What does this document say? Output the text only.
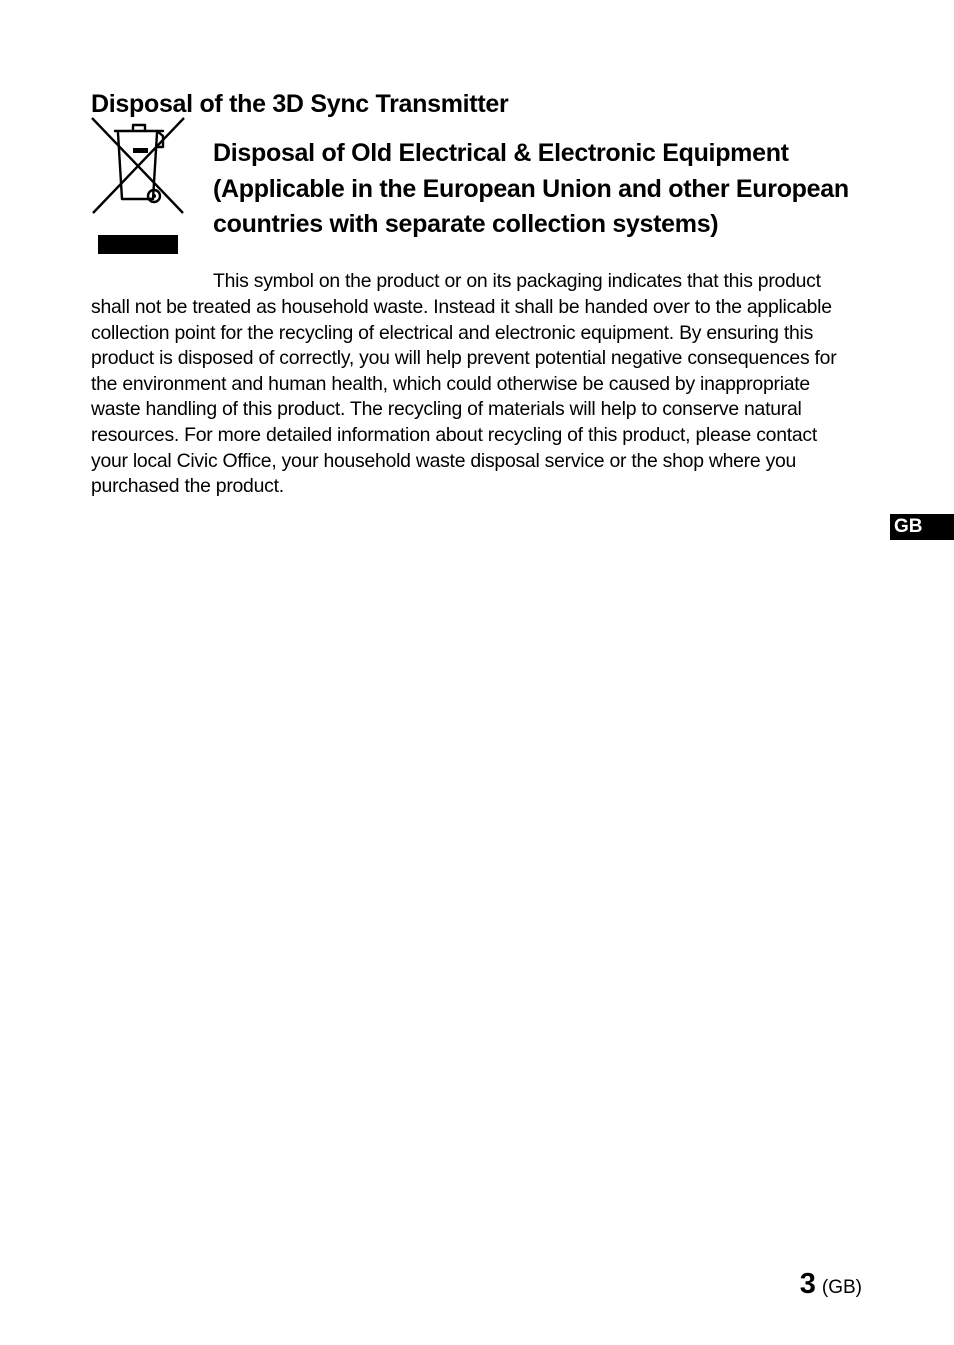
Disposal of the 3D Sync Transmitter
Disposal of Old Electrical & Electronic Equipment (Applicable in the European Union and other European countries with separate collection systems)

This symbol on the product or on its packaging indicates that this product shall not be treated as household waste. Instead it shall be handed over to the applicable collection point for the recycling of electrical and electronic equipment. By ensuring this product is disposed of correctly, you will help prevent potential negative consequences for the environment and human health, which could otherwise be caused by inappropriate waste handling of this product. The recycling of materials will help to conserve natural resources. For more detailed information about recycling of this product, please contact your local Civic Office, your household waste disposal service or the shop where you purchased the product.

GB
3 (GB)
